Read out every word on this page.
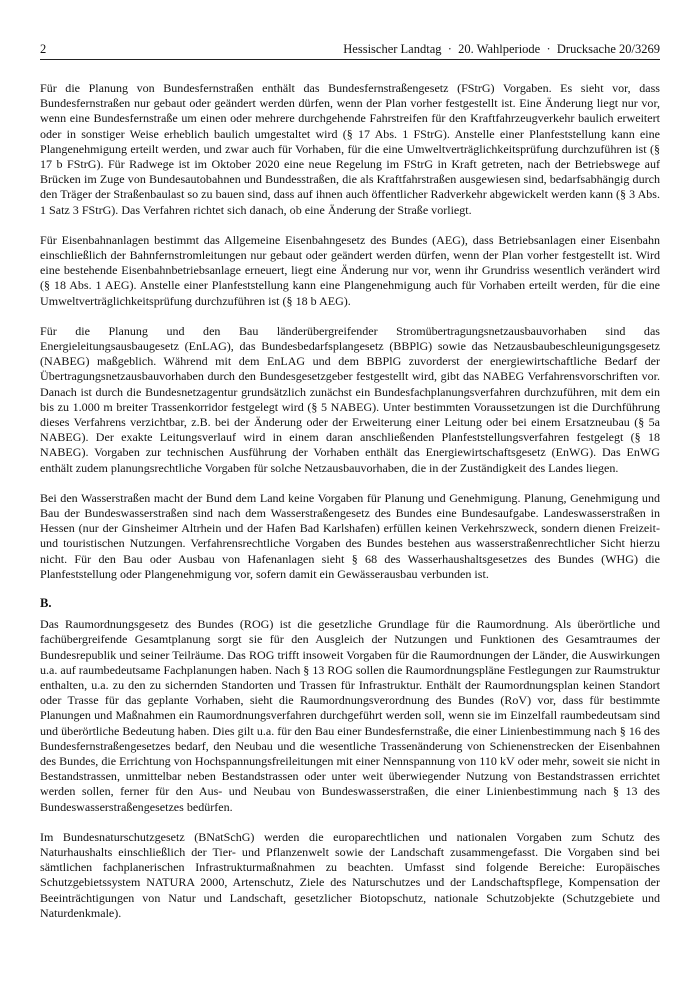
2	Hessischer Landtag  ·  20. Wahlperiode  ·  Drucksache 20/3269

Für die Planung von Bundesfernstraßen enthält das Bundesfernstraßengesetz (FStrG) Vorgaben. Es sieht vor, dass Bundesfernstraßen nur gebaut oder geändert werden dürfen, wenn der Plan vorher festgestellt ist. Eine Änderung liegt nur vor, wenn eine Bundesfernstraße um einen oder mehrere durchgehende Fahrstreifen für den Kraftfahrzeugverkehr baulich erweitert oder in sonstiger Weise erheblich baulich umgestaltet wird (§ 17 Abs. 1 FStrG). Anstelle einer Planfeststellung kann eine Plangenehmigung erteilt werden, und zwar auch für Vorhaben, für die eine Umweltverträglichkeitsprüfung durchzuführen ist (§ 17 b FStrG). Für Radwege ist im Oktober 2020 eine neue Regelung im FStrG in Kraft getreten, nach der Betriebswege auf Brücken im Zuge von Bundesautobahnen und Bundesstraßen, die als Kraftfahrstraßen ausgewiesen sind, bedarfsabhängig durch den Träger der Straßenbaulast so zu bauen sind, dass auf ihnen auch öffentlicher Radverkehr abgewickelt werden kann (§ 3 Abs. 1 Satz 3 FStrG). Das Verfahren richtet sich danach, ob eine Änderung der Straße vorliegt.

Für Eisenbahnanlagen bestimmt das Allgemeine Eisenbahngesetz des Bundes (AEG), dass Betriebsanlagen einer Eisenbahn einschließlich der Bahnfernstromleitungen nur gebaut oder geändert werden dürfen, wenn der Plan vorher festgestellt ist. Wird eine bestehende Eisenbahnbetriebsanlage erneuert, liegt eine Änderung nur vor, wenn ihr Grundriss wesentlich verändert wird (§ 18 Abs. 1 AEG). Anstelle einer Planfeststellung kann eine Plangenehmigung auch für Vorhaben erteilt werden, für die eine Umweltverträglichkeitsprüfung durchzuführen ist (§ 18 b AEG).

Für die Planung und den Bau länderübergreifender Stromübertragungsnetzausbauvorhaben sind das Energieleitungsausbaugesetz (EnLAG), das Bundesbedarfsplangesetz (BBPlG) sowie das Netzausbaubeschleunigungsgesetz (NABEG) maßgeblich. Während mit dem EnLAG und dem BBPlG zuvorderst der energiewirtschaftliche Bedarf der Übertragungsnetzausbauvorhaben durch den Bundesgesetzgeber festgestellt wird, gibt das NABEG Verfahrensvorschriften vor. Danach ist durch die Bundesnetzagentur grundsätzlich zunächst ein Bundesfachplanungsverfahren durchzuführen, mit dem ein bis zu 1.000 m breiter Trassenkorridor festgelegt wird (§ 5 NABEG). Unter bestimmten Voraussetzungen ist die Durchführung dieses Verfahrens verzichtbar, z.B. bei der Änderung oder der Erweiterung einer Leitung oder bei einem Ersatzneubau (§ 5a NABEG). Der exakte Leitungsverlauf wird in einem daran anschließenden Planfeststellungsverfahren festgelegt (§ 18 NABEG). Vorgaben zur technischen Ausführung der Vorhaben enthält das Energiewirtschaftsgesetz (EnWG). Das EnWG enthält zudem planungsrechtliche Vorgaben für solche Netzausbauvorhaben, die in der Zuständigkeit des Landes liegen.

Bei den Wasserstraßen macht der Bund dem Land keine Vorgaben für Planung und Genehmigung. Planung, Genehmigung und Bau der Bundeswasserstraßen sind nach dem Wasserstraßengesetz des Bundes eine Bundesaufgabe. Landeswasserstraßen in Hessen (nur der Ginsheimer Altrhein und der Hafen Bad Karlshafen) erfüllen keinen Verkehrszweck, sondern dienen Freizeit- und touristischen Nutzungen. Verfahrensrechtliche Vorgaben des Bundes bestehen aus wasserstraßenrechtlicher Sicht hierzu nicht. Für den Bau oder Ausbau von Hafenanlagen sieht § 68 des Wasserhaushaltsgesetzes des Bundes (WHG) die Planfeststellung oder Plangenehmigung vor, sofern damit ein Gewässerausbau verbunden ist.

B.

Das Raumordnungsgesetz des Bundes (ROG) ist die gesetzliche Grundlage für die Raumordnung. Als überörtliche und fachübergreifende Gesamtplanung sorgt sie für den Ausgleich der Nutzungen und Funktionen des Gesamtraumes der Bundesrepublik und seiner Teilräume. Das ROG trifft insoweit Vorgaben für die Raumordnungen der Länder, die Auswirkungen u.a. auf raumbedeutsame Fachplanungen haben. Nach § 13 ROG sollen die Raumordnungspläne Festlegungen zur Raumstruktur enthalten, u.a. zu den zu sichernden Standorten und Trassen für Infrastruktur. Enthält der Raumordnungsplan keinen Standort oder Trasse für das geplante Vorhaben, sieht die Raumordnungsverordnung des Bundes (RoV) vor, dass für bestimmte Planungen und Maßnahmen ein Raumordnungsverfahren durchgeführt werden soll, wenn sie im Einzelfall raumbedeutsam sind und überörtliche Bedeutung haben. Dies gilt u.a. für den Bau einer Bundesfernstraße, die einer Linienbestimmung nach § 16 des Bundesfernstraßengesetzes bedarf, den Neubau und die wesentliche Trassenänderung von Schienenstrecken der Eisenbahnen des Bundes, die Errichtung von Hochspannungsfreileitungen mit einer Nennspannung von 110 kV oder mehr, soweit sie nicht in Bestandstrassen, unmittelbar neben Bestandstrassen oder unter weit überwiegender Nutzung von Bestandstrassen errichtet werden sollen, ferner für den Aus- und Neubau von Bundeswasserstraßen, die einer Linienbestimmung nach § 13 des Bundeswasserstraßengesetzes bedürfen.

Im Bundesnaturschutzgesetz (BNatSchG) werden die europarechtlichen und nationalen Vorgaben zum Schutz des Naturhaushalts einschließlich der Tier- und Pflanzenwelt sowie der Landschaft zusammengefasst. Die Vorgaben sind bei sämtlichen fachplanerischen Infrastrukturmaßnahmen zu beachten. Umfasst sind folgende Bereiche: Europäisches Schutzgebietssystem NATURA 2000, Artenschutz, Ziele des Naturschutzes und der Landschaftspflege, Kompensation der Beeinträchtigungen von Natur und Landschaft, gesetzlicher Biotopschutz, nationale Schutzobjekte (Schutzgebiete und Naturdenkmale).
